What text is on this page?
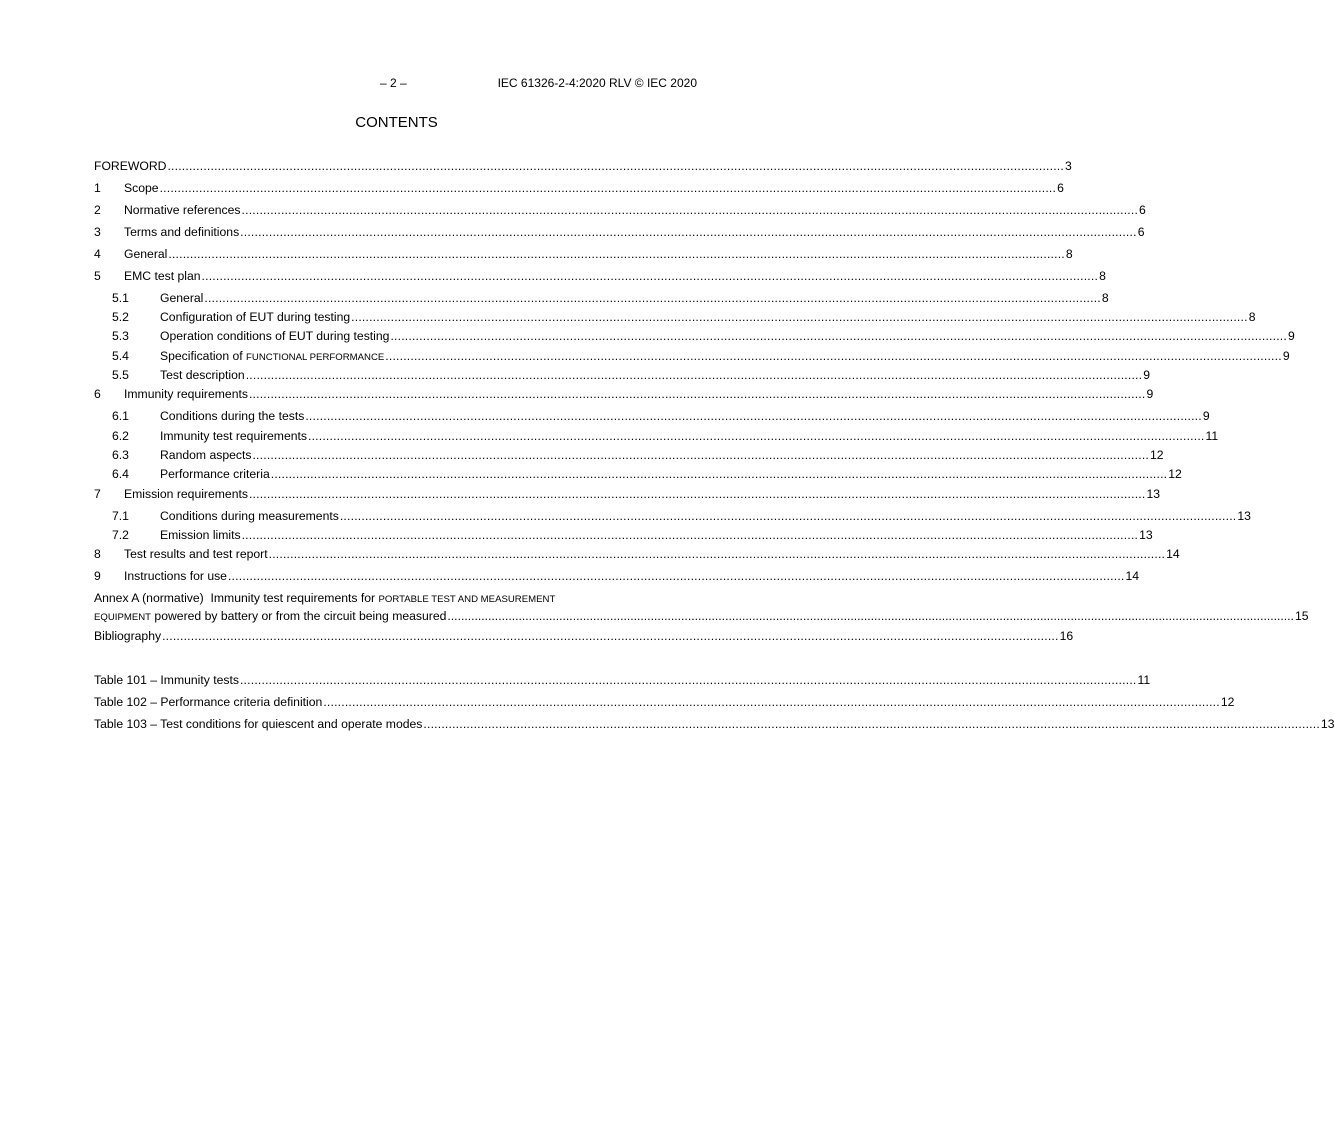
– 2 –	IEC 61326-2-4:2020 RLV © IEC 2020
CONTENTS
FOREWORD .......................................................................................................................................................................................................................................................... 3
1 Scope .......................................................................................................................................................................................................................................................... 6
2 Normative references .......................................................................................................................................................................................................................................................... 6
3 Terms and definitions .......................................................................................................................................................................................................................................................... 6
4 General .......................................................................................................................................................................................................................................................... 8
5 EMC test plan .......................................................................................................................................................................................................................................................... 8
5.1	General .......................................................................................................................................................................................................................................................... 8
5.2	Configuration of EUT during testing .......................................................................................................................................................................................................................................................... 8
5.3	Operation conditions of EUT during testing .......................................................................................................................................................................................................................................................... 9
5.4	Specification of FUNCTIONAL PERFORMANCE .......................................................................................................................................................................................................................................................... 9
5.5	Test description .......................................................................................................................................................................................................................................................... 9
6 Immunity requirements .......................................................................................................................................................................................................................................................... 9
6.1	Conditions during the tests .......................................................................................................................................................................................................................................................... 9
6.2	Immunity test requirements .......................................................................................................................................................................................................................................................... 11
6.3	Random aspects .......................................................................................................................................................................................................................................................... 12
6.4	Performance criteria .......................................................................................................................................................................................................................................................... 12
7 Emission requirements .......................................................................................................................................................................................................................................................... 13
7.1	Conditions during measurements .......................................................................................................................................................................................................................................................... 13
7.2	Emission limits .......................................................................................................................................................................................................................................................... 13
8 Test results and test report .......................................................................................................................................................................................................................................................... 14
9 Instructions for use .......................................................................................................................................................................................................................................................... 14
Annex A (normative)  Immunity test requirements for PORTABLE TEST AND MEASUREMENT
EQUIPMENT powered by battery or from the circuit being measured .......................................................................................................................................................................................................................................................... 15
Bibliography .......................................................................................................................................................................................................................................................... 16
Table 101 – Immunity tests .......................................................................................................................................................................................................................................................... 11
Table 102 – Performance criteria definition .......................................................................................................................................................................................................................................................... 12
Table 103 – Test conditions for quiescent and operate modes .......................................................................................................................................................................................................................................................... 13
